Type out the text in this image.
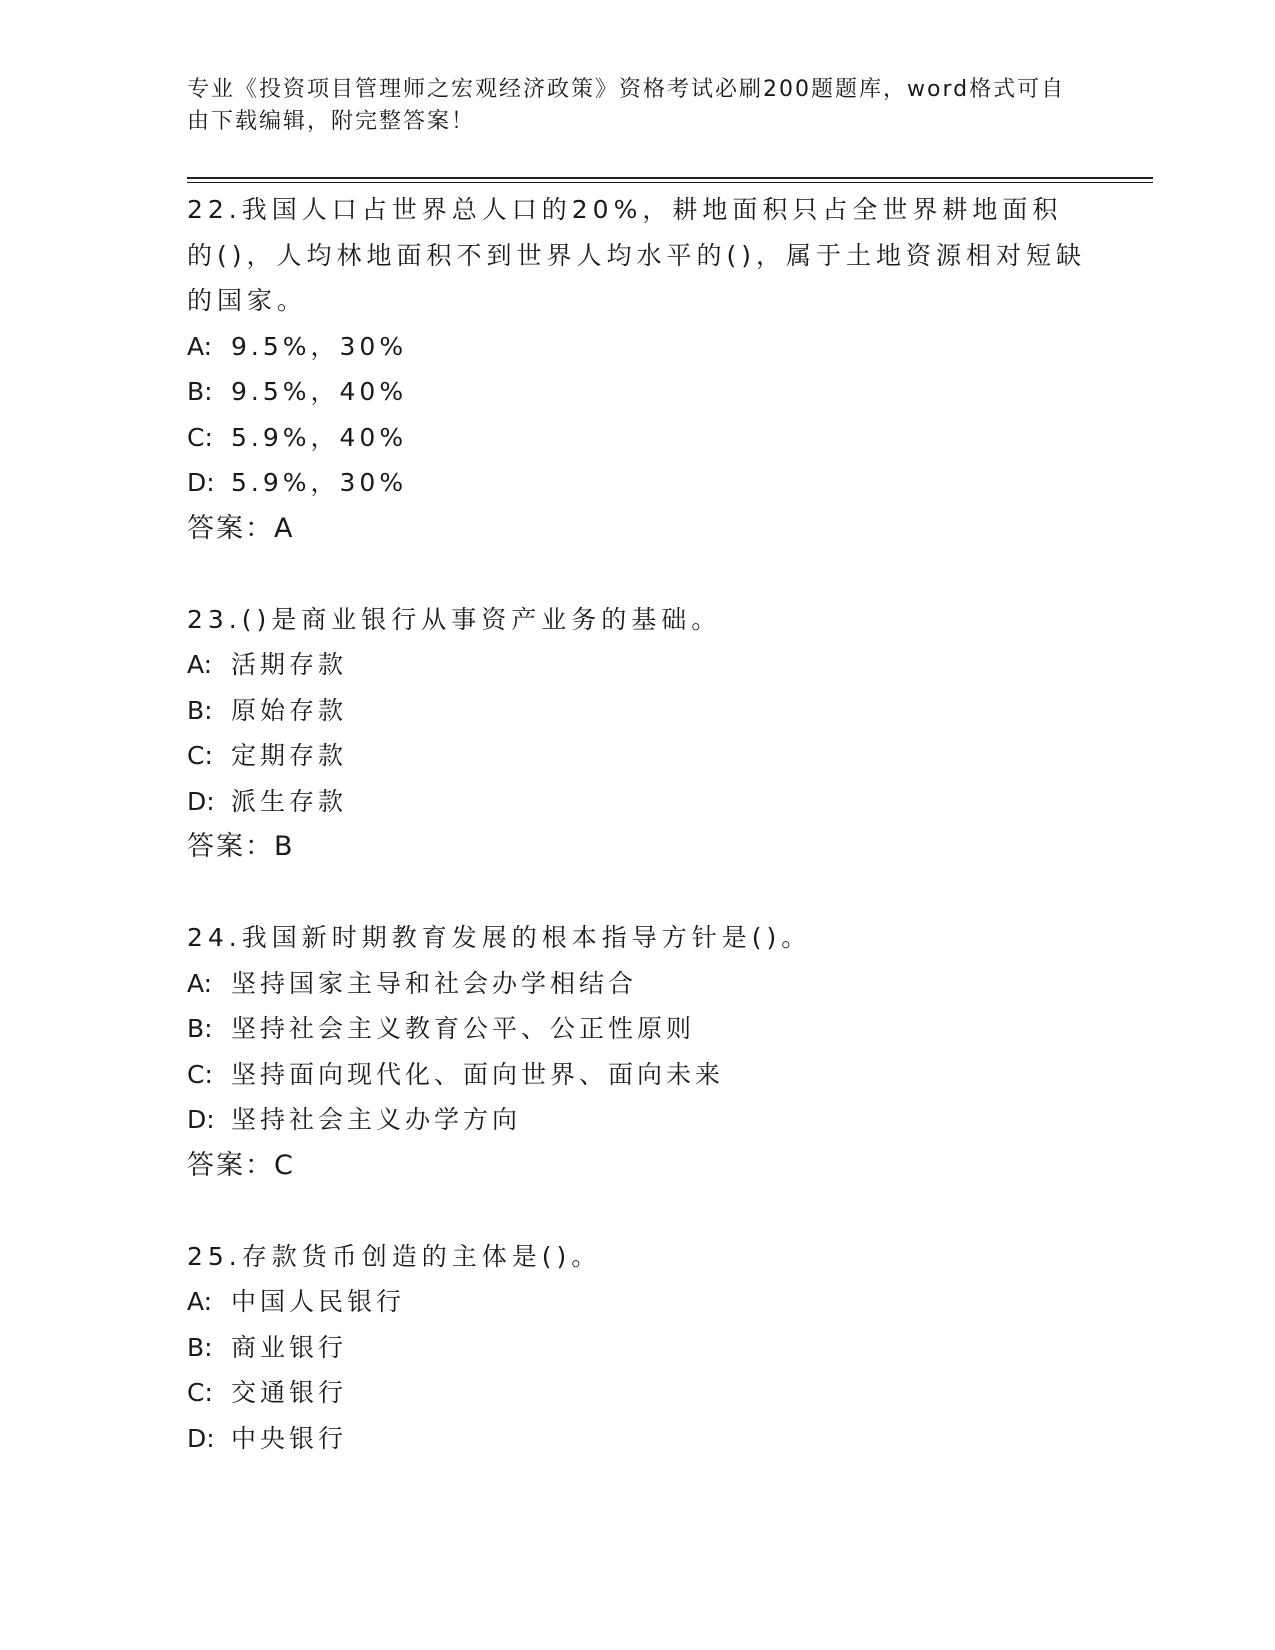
专业《投资项目管理师之宏观经济政策》资格考试必刷200题题库，word格式可自由下载编辑，附完整答案！

22.我国人口占世界总人口的20%，耕地面积只占全世界耕地面积的()，人均林地面积不到世界人均水平的()，属于土地资源相对短缺的国家。

A: 9.5%，30%

B: 9.5%，40%

C: 5.9%，40%

D: 5.9%，30%

答案：A

23.()是商业银行从事资产业务的基础。

A: 活期存款

B: 原始存款

C: 定期存款

D: 派生存款

答案：B

24.我国新时期教育发展的根本指导方针是()。

A: 坚持国家主导和社会办学相结合

B: 坚持社会主义教育公平、公正性原则

C: 坚持面向现代化、面向世界、面向未来

D: 坚持社会主义办学方向

答案：C

25.存款货币创造的主体是()。

A: 中国人民银行

B: 商业银行

C: 交通银行

D: 中央银行
